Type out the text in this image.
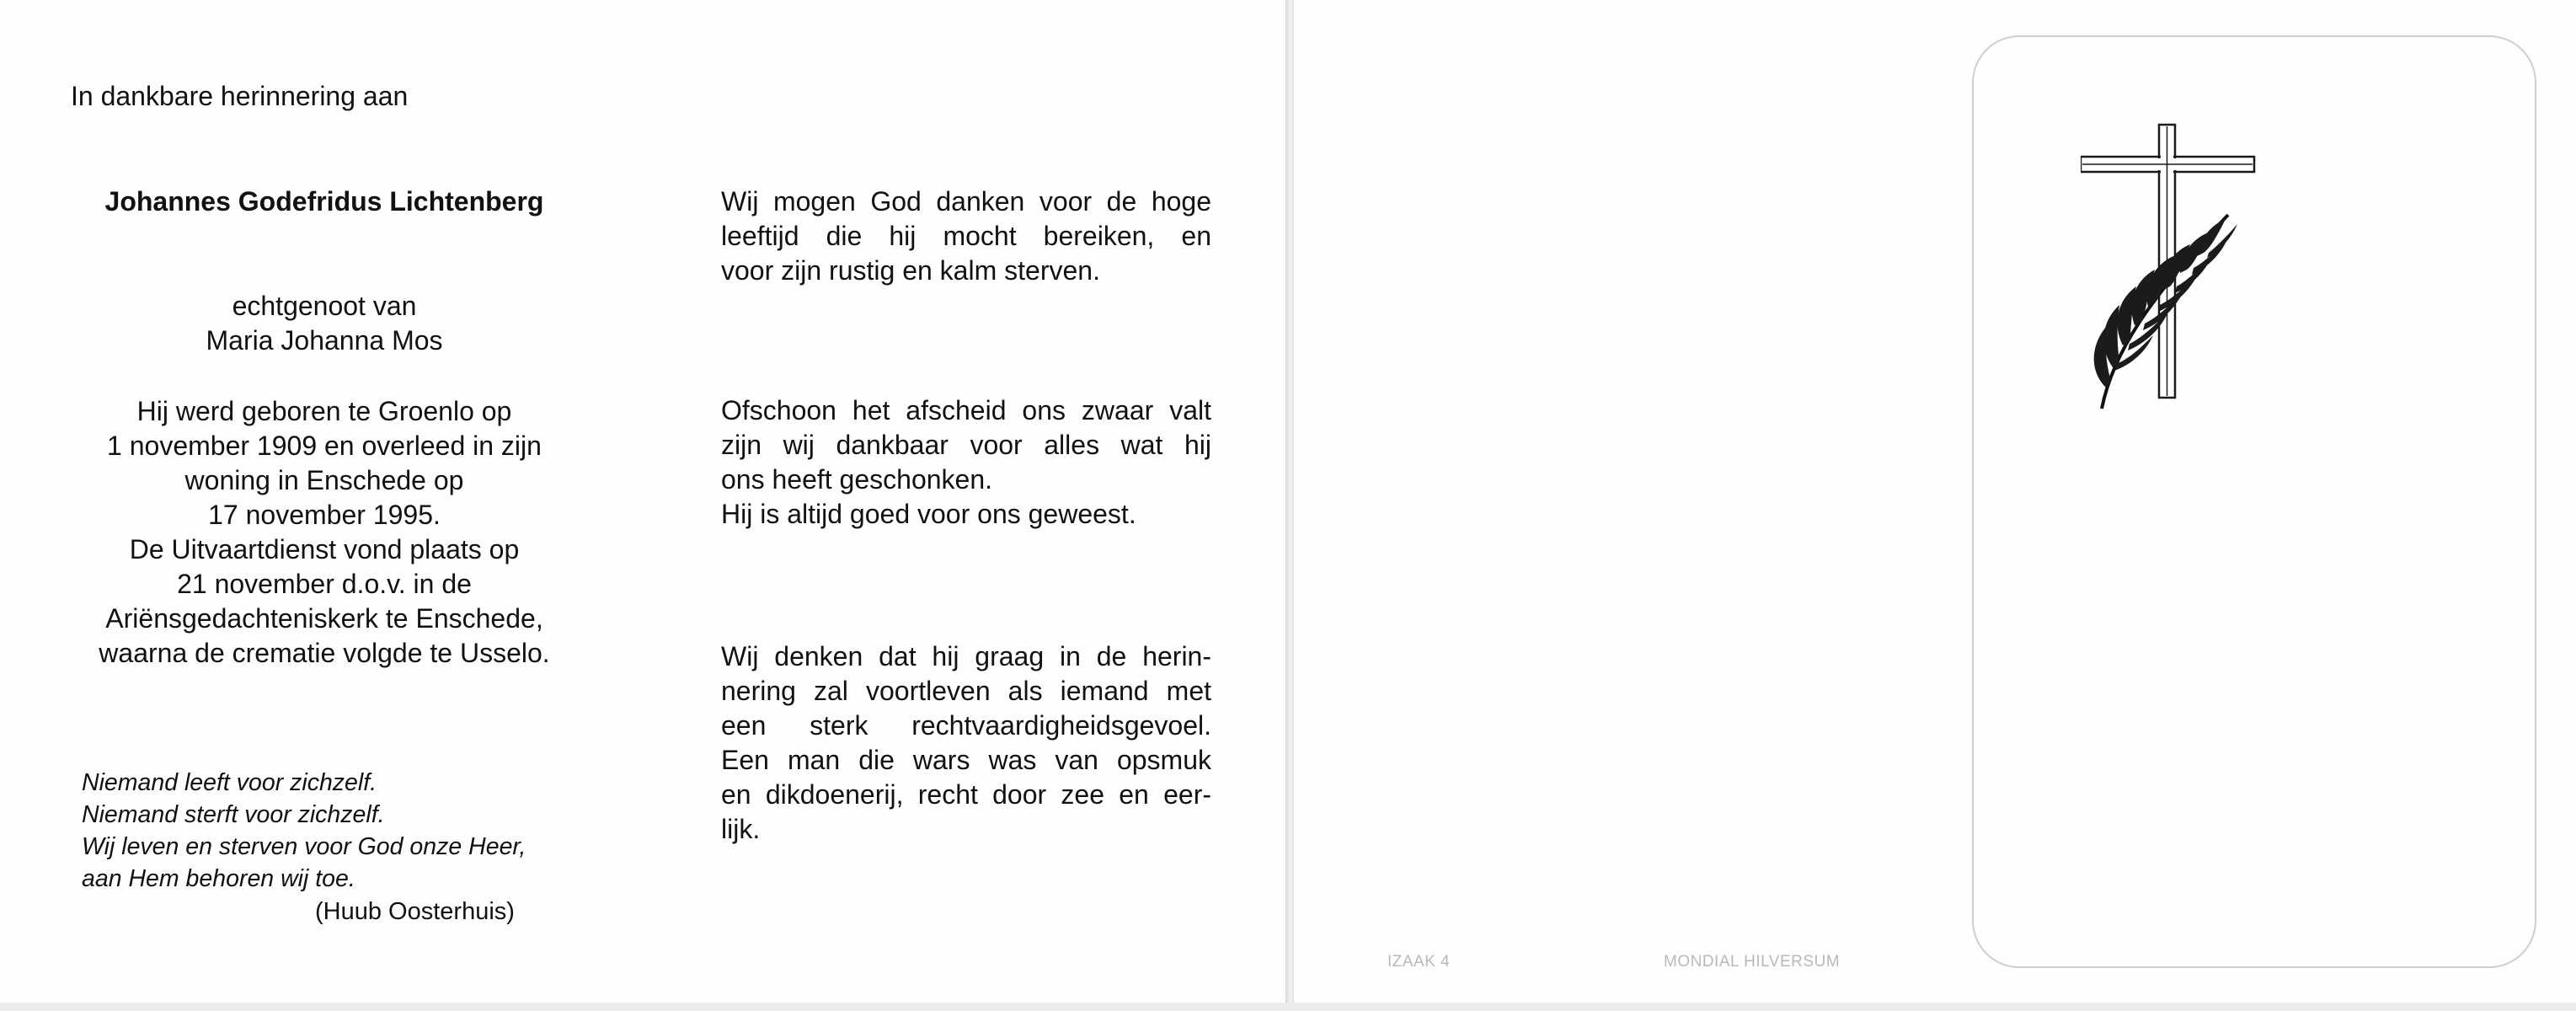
In dankbare herinnering aan
Johannes Godefridus Lichtenberg
echtgenoot van
Maria Johanna Mos
Hij werd geboren te Groenlo op
1 november 1909 en overleed in zijn
woning in Enschede op
17 november 1995.
De Uitvaartdienst vond plaats op
21 november d.o.v. in de
Ariënsgedachteniskerk te Enschede,
waarna de crematie volgde te Usselo.
Niemand leeft voor zichzelf.
Niemand sterft voor zichzelf.
Wij leven en sterven voor God onze Heer,
aan Hem behoren wij toe.
(Huub Oosterhuis)
Wij mogen God danken voor de hoge
leeftijd die hij mocht bereiken, en
voor zijn rustig en kalm sterven.
Ofschoon het afscheid ons zwaar valt
zijn wij dankbaar voor alles wat hij
ons heeft geschonken.
Hij is altijd goed voor ons geweest.
Wij denken dat hij graag in de herin-
nering zal voortleven als iemand met
een sterk rechtvaardigheidsgevoel.
Een man die wars was van opsmuk
en dikdoenerij, recht door zee en eer-
lijk.
IZAAK 4	MONDIAL HILVERSUM
